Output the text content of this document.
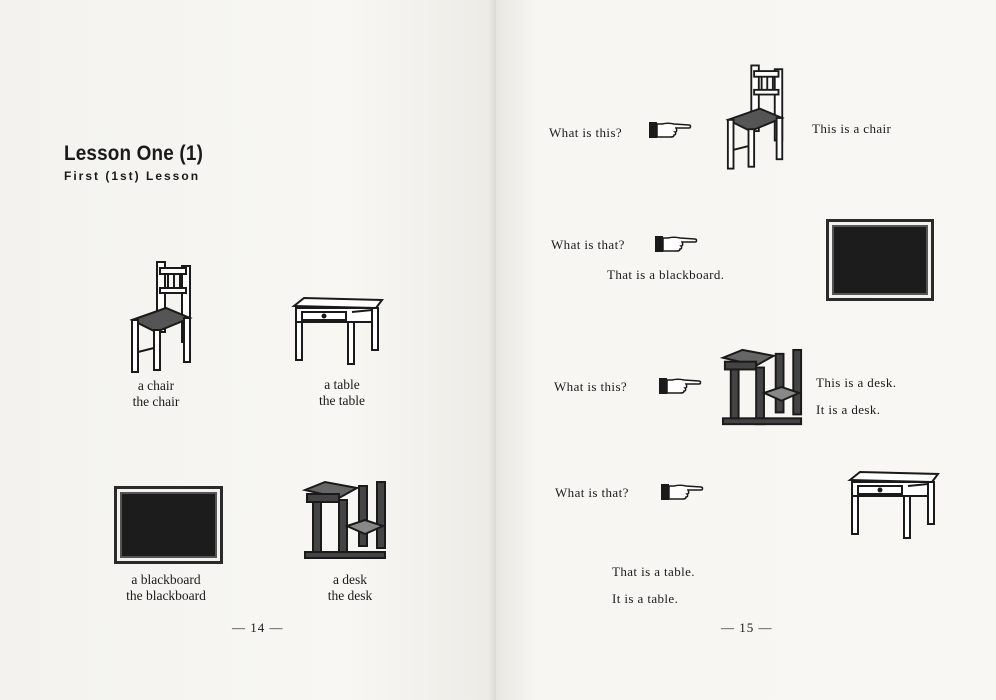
Lesson One (1)
First (1st) Lesson
a chair
the chair
a table
the table
a blackboard
the blackboard
a desk
the desk
— 14 —
What is this?	This is a chair
What is that?
That is a blackboard.
What is this?	This is a desk.
It is a desk.
What is that?
That is a table.
It is a table.
— 15 —
